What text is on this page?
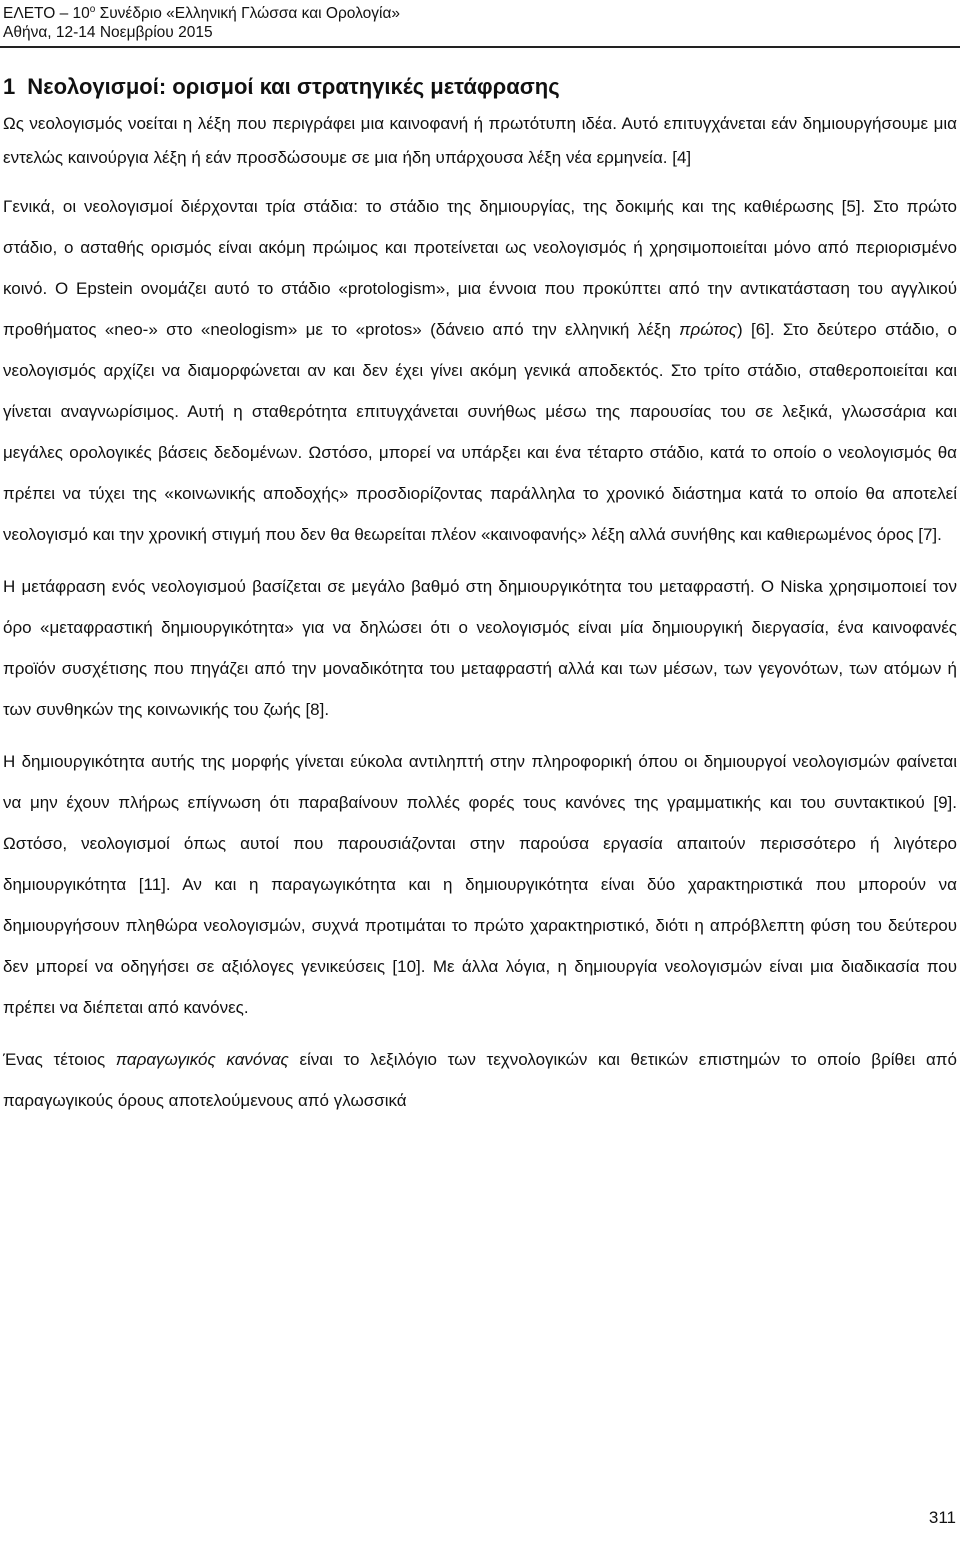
ΕΛΕΤΟ – $10^o$ Συνέδριο «Ελληνική Γλώσσα και Ορολογία»
Αθήνα, 12-14 Νοεμβρίου 2015
1 Νεολογισμοί: ορισμοί και στρατηγικές μετάφρασης

Ως νεολογισμός νοείται η λέξη που περιγράφει μια καινοφανή ή πρωτότυπη ιδέα. Αυτό επιτυγχάνεται εάν δημιουργήσουμε μια εντελώς καινούργια λέξη ή εάν προσδώσουμε σε μια ήδη υπάρχουσα λέξη νέα ερμηνεία. [4]

Γενικά, οι νεολογισμοί διέρχονται τρία στάδια: το στάδιο της δημιουργίας, της δοκιμής και της καθιέρωσης [5]. Στο πρώτο στάδιο, ο ασταθής ορισμός είναι ακόμη πρώιμος και προτείνεται ως νεολογισμός ή χρησιμοποιείται μόνο από περιορισμένο κοινό. Ο Epstein ονομάζει αυτό το στάδιο «protologism», μια έννοια που προκύπτει από την αντικατάσταση του αγγλικού προθήματος «neo-» στο «neologism» με το «protos» (δάνειο από την ελληνική λέξη πρώτος) [6]. Στο δεύτερο στάδιο, ο νεολογισμός αρχίζει να διαμορφώνεται αν και δεν έχει γίνει ακόμη γενικά αποδεκτός. Στο τρίτο στάδιο, σταθεροποιείται και γίνεται αναγνωρίσιμος. Αυτή η σταθερότητα επιτυγχάνεται συνήθως μέσω της παρουσίας του σε λεξικά, γλωσσάρια και μεγάλες ορολογικές βάσεις δεδομένων. Ωστόσο, μπορεί να υπάρξει και ένα τέταρτο στάδιο, κατά το οποίο ο νεολογισμός θα πρέπει να τύχει της «κοινωνικής αποδοχής» προσδιορίζοντας παράλληλα το χρονικό διάστημα κατά το οποίο θα αποτελεί νεολογισμό και την χρονική στιγμή που δεν θα θεωρείται πλέον «καινοφανής» λέξη αλλά συνήθης και καθιερωμένος όρος [7].

Η μετάφραση ενός νεολογισμού βασίζεται σε μεγάλο βαθμό στη δημιουργικότητα του μεταφραστή. Ο Niska χρησιμοποιεί τον όρο «μεταφραστική δημιουργικότητα» για να δηλώσει ότι ο νεολογισμός είναι μία δημιουργική διεργασία, ένα καινοφανές προϊόν συσχέτισης που πηγάζει από την μοναδικότητα του μεταφραστή αλλά και των μέσων, των γεγονότων, των ατόμων ή των συνθηκών της κοινωνικής του ζωής [8].

Η δημιουργικότητα αυτής της μορφής γίνεται εύκολα αντιληπτή στην πληροφορική όπου οι δημιουργοί νεολογισμών φαίνεται να μην έχουν πλήρως επίγνωση ότι παραβαίνουν πολλές φορές τους κανόνες της γραμματικής και του συντακτικού [9]. Ωστόσο, νεολογισμοί όπως αυτοί που παρουσιάζονται στην παρούσα εργασία απαιτούν περισσότερο ή λιγότερο δημιουργικότητα [11]. Αν και η παραγωγικότητα και η δημιουργικότητα είναι δύο χαρακτηριστικά που μπορούν να δημιουργήσουν πληθώρα νεολογισμών, συχνά προτιμάται το πρώτο χαρακτηριστικό, διότι η απρόβλεπτη φύση του δεύτερου δεν μπορεί να οδηγήσει σε αξιόλογες γενικεύσεις [10]. Με άλλα λόγια, η δημιουργία νεολογισμών είναι μια διαδικασία που πρέπει να διέπεται από κανόνες.

Ένας τέτοιος παραγωγικός κανόνας είναι το λεξιλόγιο των τεχνολογικών και θετικών επιστημών το οποίο βρίθει από παραγωγικούς όρους αποτελούμενους από γλωσσικά

311
